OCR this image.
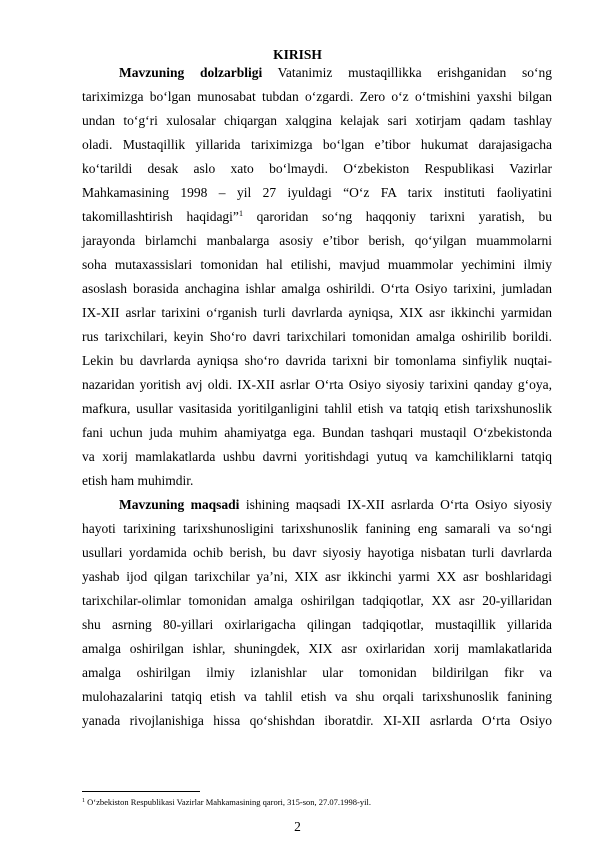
KIRISH
Mavzuning dolzarbligi Vatanimiz mustaqillikka erishganidan so‘ng
tariximizga bo‘lgan munosabat tubdan o‘zgardi. Zero o‘z o‘tmishini yaxshi bilgan
undan to‘g‘ri xulosalar chiqargan xalqgina kelajak sari xotirjam qadam tashlay
oladi. Mustaqillik yillarida tariximizga bo‘lgan e’tibor hukumat darajasigacha
ko‘tarildi desak aslo xato bo‘lmaydi. O‘zbekiston Respublikasi Vazirlar
Mahkamasining 1998 – yil 27 iyuldagi “O‘z FA tarix instituti faoliyatini
takomillashtirish haqidagi”$^1$ qaroridan so‘ng haqqoniy tarixni yaratish, bu
jarayonda birlamchi manbalarga asosiy e’tibor berish, qo‘yilgan muammolarni
soha mutaxassislari tomonidan hal etilishi, mavjud muammolar yechimini ilmiy
asoslash borasida anchagina ishlar amalga oshirildi. O‘rta Osiyo tarixini, jumladan
IX-XII asrlar tarixini o‘rganish turli davrlarda ayniqsa, XIX asr ikkinchi yarmidan
rus tarixchilari, keyin Sho‘ro davri tarixchilari tomonidan amalga oshirilib borildi.
Lekin bu davrlarda ayniqsa sho‘ro davrida tarixni bir tomonlama sinfiylik nuqtai-
nazaridan yoritish avj oldi. IX-XII asrlar O‘rta Osiyo siyosiy tarixini qanday g‘oya,
mafkura, usullar vasitasida yoritilganligini tahlil etish va tatqiq etish tarixshunoslik
fani uchun juda muhim ahamiyatga ega. Bundan tashqari mustaqil O‘zbekistonda
va xorij mamlakatlarda ushbu davrni yoritishdagi yutuq va kamchiliklarni tatqiq
etish ham muhimdir.
Mavzuning maqsadi ishining maqsadi IX-XII asrlarda O‘rta Osiyo siyosiy
hayoti tarixining tarixshunosligini tarixshunoslik fanining eng samarali va so‘ngi
usullari yordamida ochib berish, bu davr siyosiy hayotiga nisbatan turli davrlarda
yashab ijod qilgan tarixchilar ya’ni, XIX asr ikkinchi yarmi XX asr boshlaridagi
tarixchilar-olimlar tomonidan amalga oshirilgan tadqiqotlar, XX asr 20-yillaridan
shu asrning 80-yillari oxirlarigacha qilingan tadqiqotlar, mustaqillik yillarida
amalga oshirilgan ishlar, shuningdek, XIX asr oxirlaridan xorij mamlakatlarida
amalga oshirilgan ilmiy izlanishlar ular tomonidan bildirilgan fikr va
mulohazalarini tatqiq etish va tahlil etish va shu orqali tarixshunoslik fanining
yanada rivojlanishiga hissa qo‘shishdan iboratdir. XI-XII asrlarda O‘rta Osiyo
$^1$ O‘zbekiston Respublikasi Vazirlar Mahkamasining qarori, 315-son, 27.07.1998-yil.
2
